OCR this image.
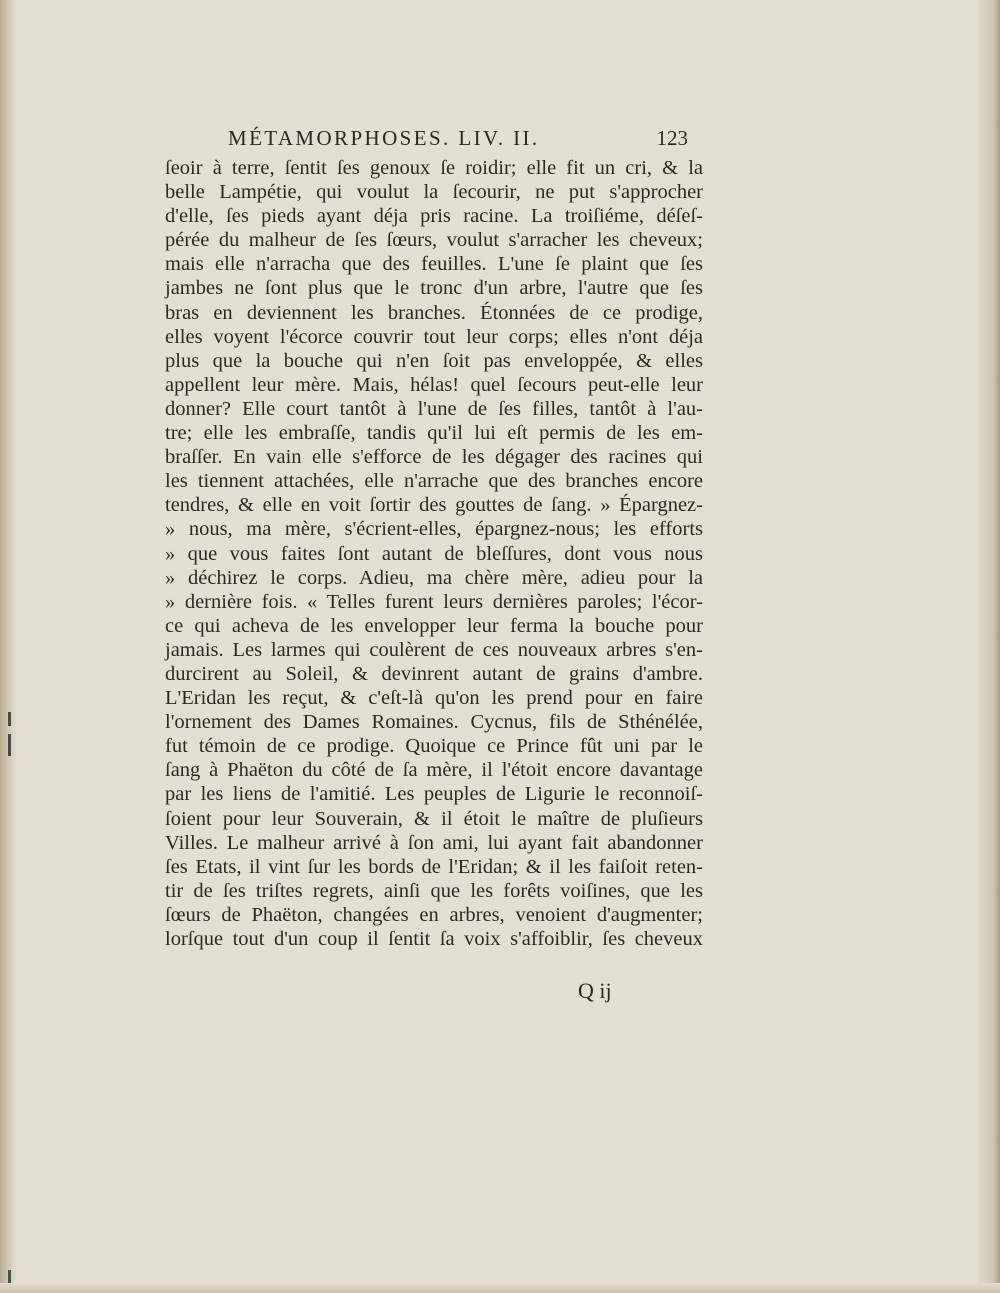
MÉTAMORPHOSES. LIV. II.	123
ſeoir à terre, ſentit ſes genoux ſe roidir; elle fit un cri, & la
belle Lampétie, qui voulut la ſecourir, ne put s'approcher
d'elle, ſes pieds ayant déja pris racine. La troiſiéme, déſeſ-
pérée du malheur de ſes ſœurs, voulut s'arracher les cheveux;
mais elle n'arracha que des feuilles. L'une ſe plaint que ſes
jambes ne ſont plus que le tronc d'un arbre, l'autre que ſes
bras en deviennent les branches. Étonnées de ce prodige,
elles voyent l'écorce couvrir tout leur corps; elles n'ont déja
plus que la bouche qui n'en ſoit pas enveloppée, & elles
appellent leur mère. Mais, hélas! quel ſecours peut-elle leur
donner? Elle court tantôt à l'une de ſes filles, tantôt à l'au-
tre; elle les embraſſe, tandis qu'il lui eſt permis de les em-
braſſer. En vain elle s'efforce de les dégager des racines qui
les tiennent attachées, elle n'arrache que des branches encore
tendres, & elle en voit ſortir des gouttes de ſang. » Épargnez-
» nous, ma mère, s'écrient-elles, épargnez-nous; les efforts
» que vous faites ſont autant de bleſſures, dont vous nous
» déchirez le corps. Adieu, ma chère mère, adieu pour la
» dernière fois. « Telles furent leurs dernières paroles; l'écor-
ce qui acheva de les envelopper leur ferma la bouche pour
jamais. Les larmes qui coulèrent de ces nouveaux arbres s'en-
durcirent au Soleil, & devinrent autant de grains d'ambre.
L'Eridan les reçut, & c'eſt-là qu'on les prend pour en faire
l'ornement des Dames Romaines. Cycnus, fils de Sthénélée,
fut témoin de ce prodige. Quoique ce Prince fût uni par le
ſang à Phaëton du côté de ſa mère, il l'étoit encore davantage
par les liens de l'amitié. Les peuples de Ligurie le reconnoiſ-
ſoient pour leur Souverain, & il étoit le maître de pluſieurs
Villes. Le malheur arrivé à ſon ami, lui ayant fait abandonner
ſes Etats, il vint ſur les bords de l'Eridan; & il les faiſoit reten-
tir de ſes triſtes regrets, ainſi que les forêts voiſines, que les
ſœurs de Phaëton, changées en arbres, venoient d'augmenter;
lorſque tout d'un coup il ſentit ſa voix s'affoiblir, ſes cheveux
Q ij
